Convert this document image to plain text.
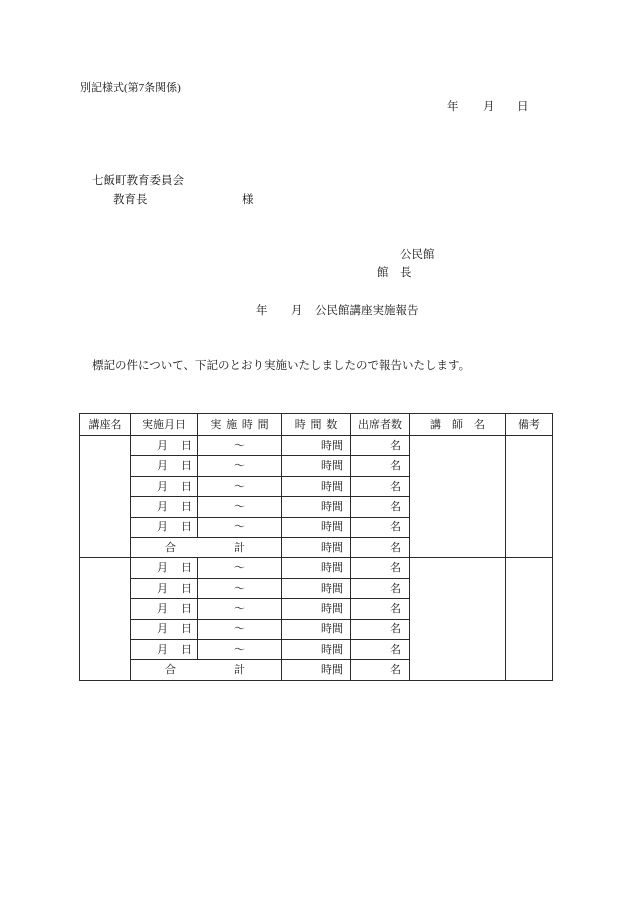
別記様式(第7条関係)
年 月 日
七飯町教育委員会
教育長	様
公民館
館　長
年 月 公民館講座実施報告
標記の件について、下記のとおり実施いたしましたので報告いたします。
講座名	実施月日	実 施 時 間	時 間 数	出席者数	講　師　名	備考
	月 日	～	時間	名		
	月 日	～	時間	名		
	月 日	～	時間	名		
	月 日	～	時間	名		
	月 日	～	時間	名		
	合 計		時間	名		
	月 日	～	時間	名		
	月 日	～	時間	名		
	月 日	～	時間	名		
	月 日	～	時間	名		
	月 日	～	時間	名		
	合 計		時間	名		
